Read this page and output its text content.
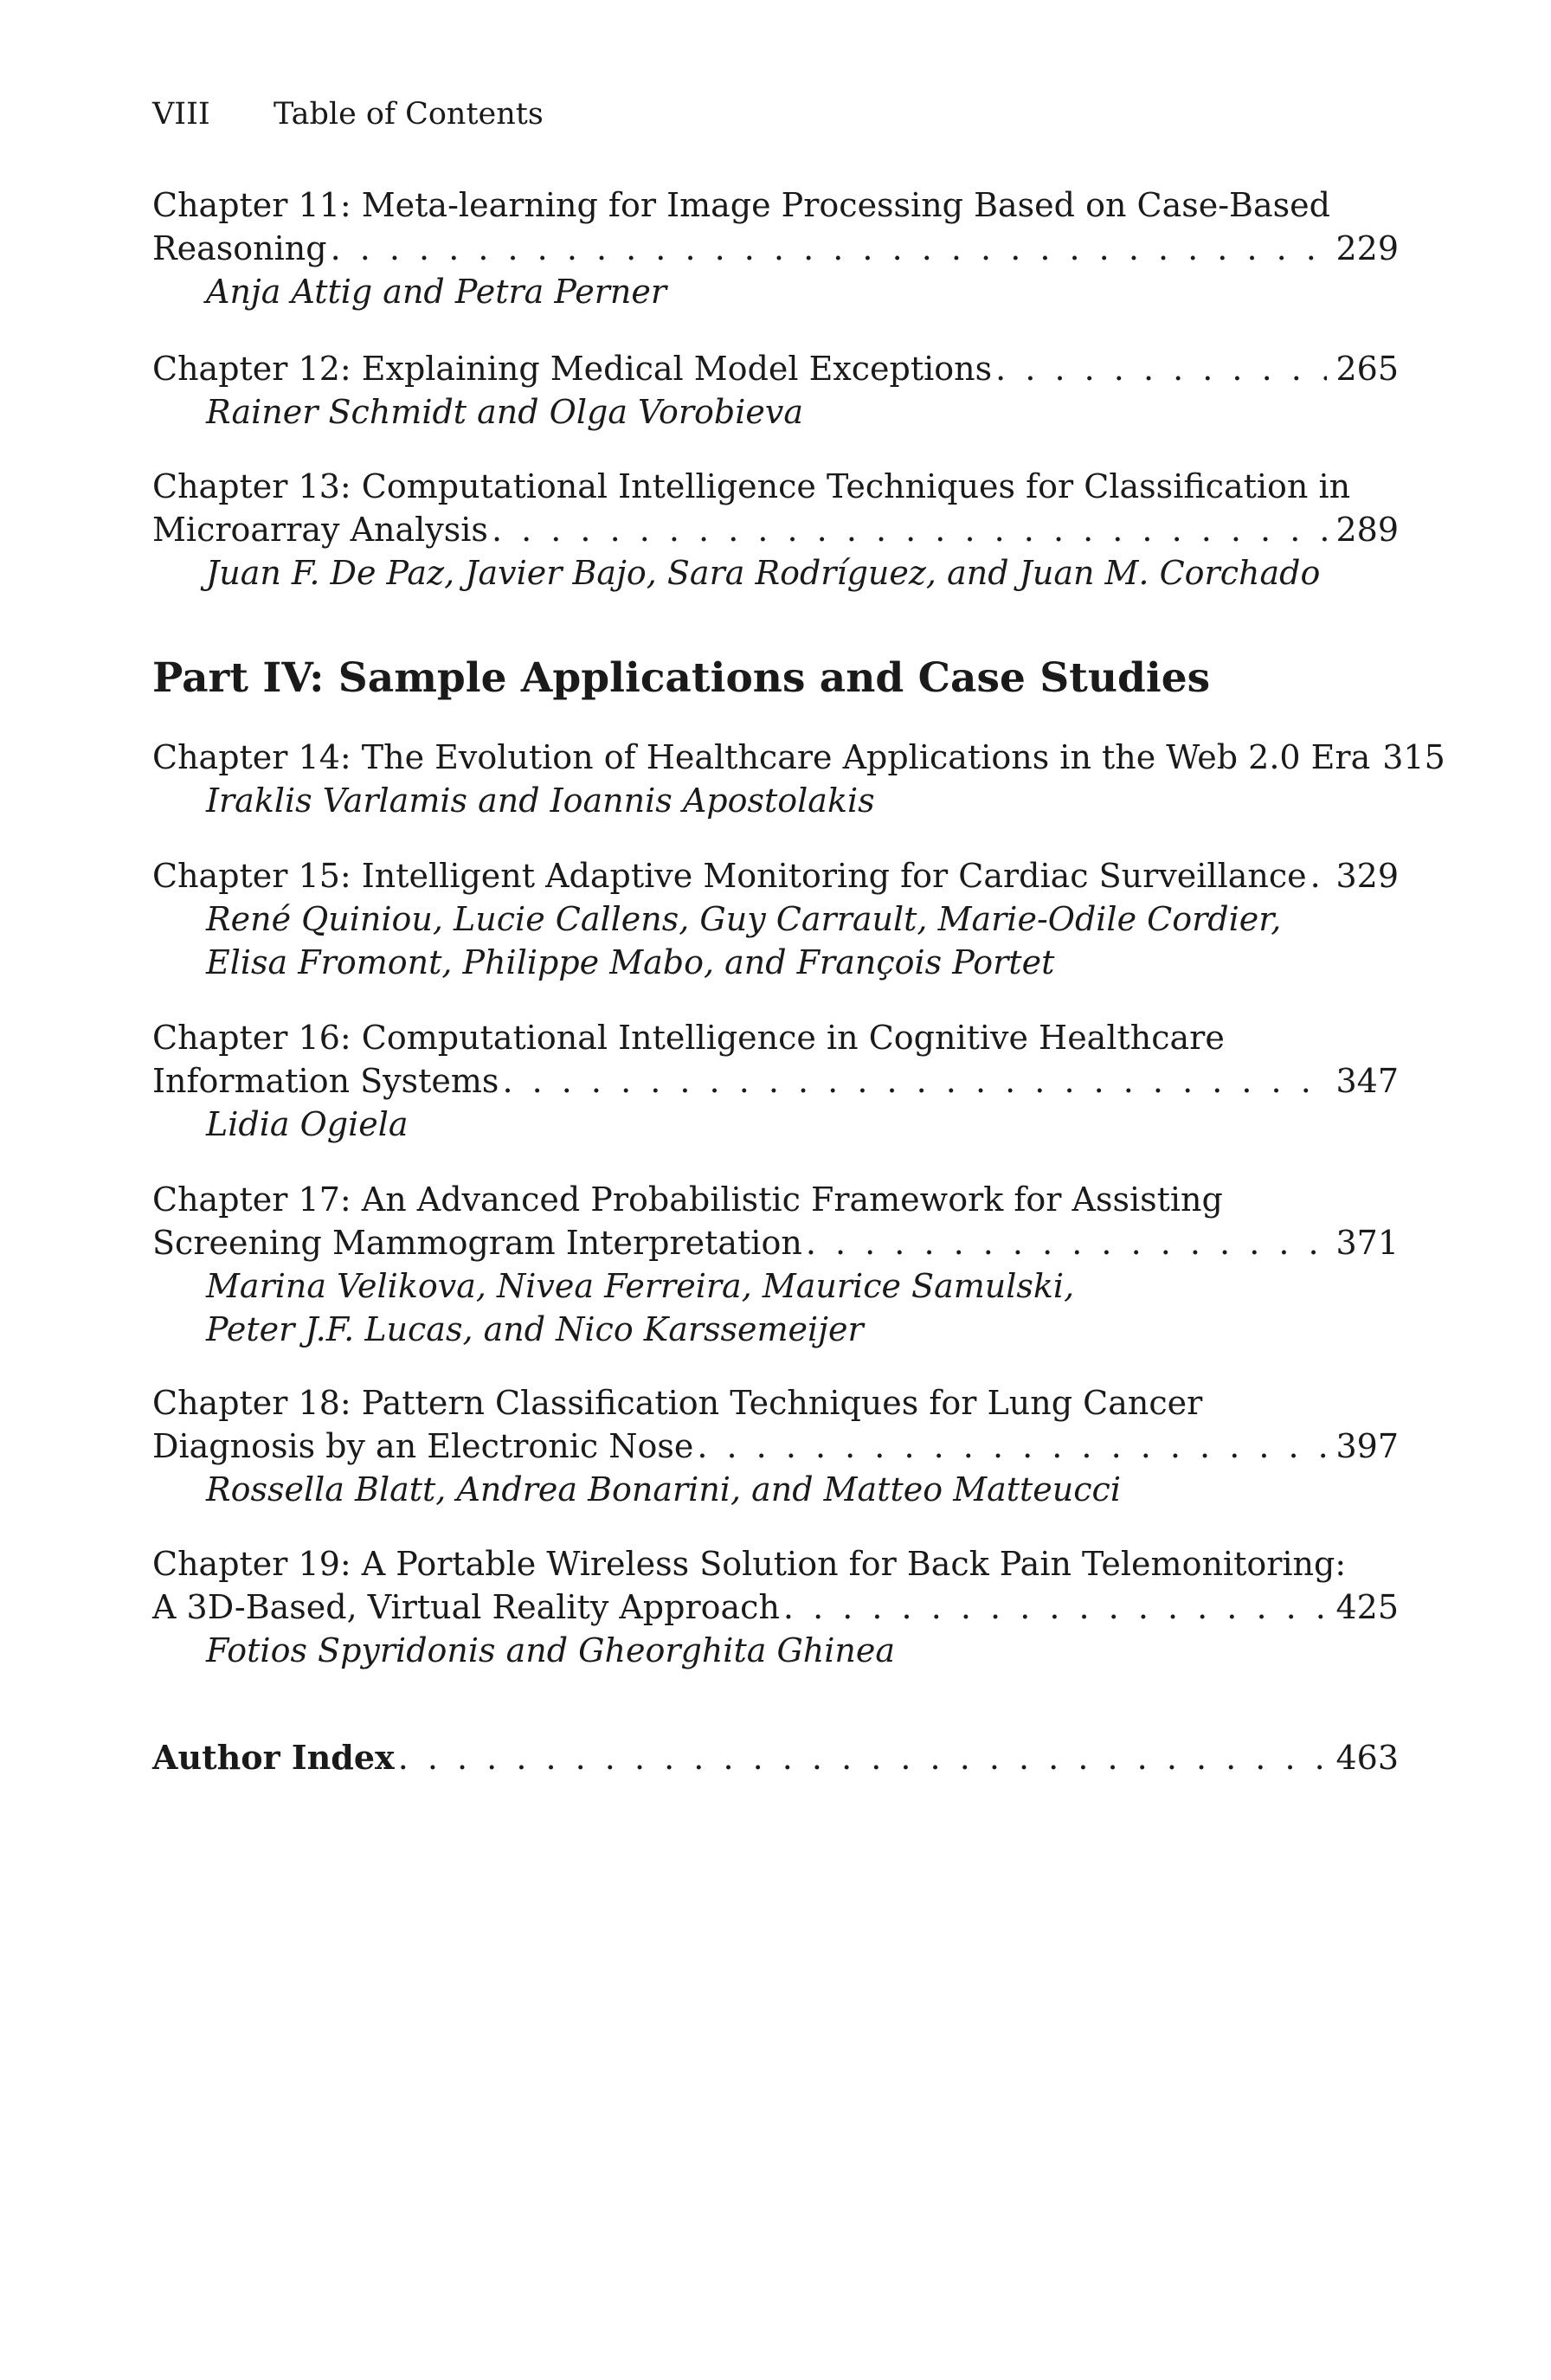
VIII Table of Contents
Chapter 11: Meta-learning for Image Processing Based on Case-Based
Reasoning . . .	229
Anja Attig and Petra Perner
Chapter 12: Explaining Medical Model Exceptions . . .	265
Rainer Schmidt and Olga Vorobieva
Chapter 13: Computational Intelligence Techniques for Classification in
Microarray Analysis . . .	289
Juan F. De Paz, Javier Bajo, Sara Rodríguez, and Juan M. Corchado
Part IV: Sample Applications and Case Studies
Chapter 14: The Evolution of Healthcare Applications in the Web 2.0 Era 315
Iraklis Varlamis and Ioannis Apostolakis
Chapter 15: Intelligent Adaptive Monitoring for Cardiac Surveillance . . . 329
René Quiniou, Lucie Callens, Guy Carrault, Marie-Odile Cordier,
Elisa Fromont, Philippe Mabo, and François Portet
Chapter 16: Computational Intelligence in Cognitive Healthcare
Information Systems . . .	347
Lidia Ogiela
Chapter 17: An Advanced Probabilistic Framework for Assisting
Screening Mammogram Interpretation . . .	371
Marina Velikova, Nivea Ferreira, Maurice Samulski,
Peter J.F. Lucas, and Nico Karssemeijer
Chapter 18: Pattern Classification Techniques for Lung Cancer
Diagnosis by an Electronic Nose . . .	397
Rossella Blatt, Andrea Bonarini, and Matteo Matteucci
Chapter 19: A Portable Wireless Solution for Back Pain Telemonitoring:
A 3D-Based, Virtual Reality Approach . . .	425
Fotios Spyridonis and Gheorghita Ghinea
Author Index . . .	463
